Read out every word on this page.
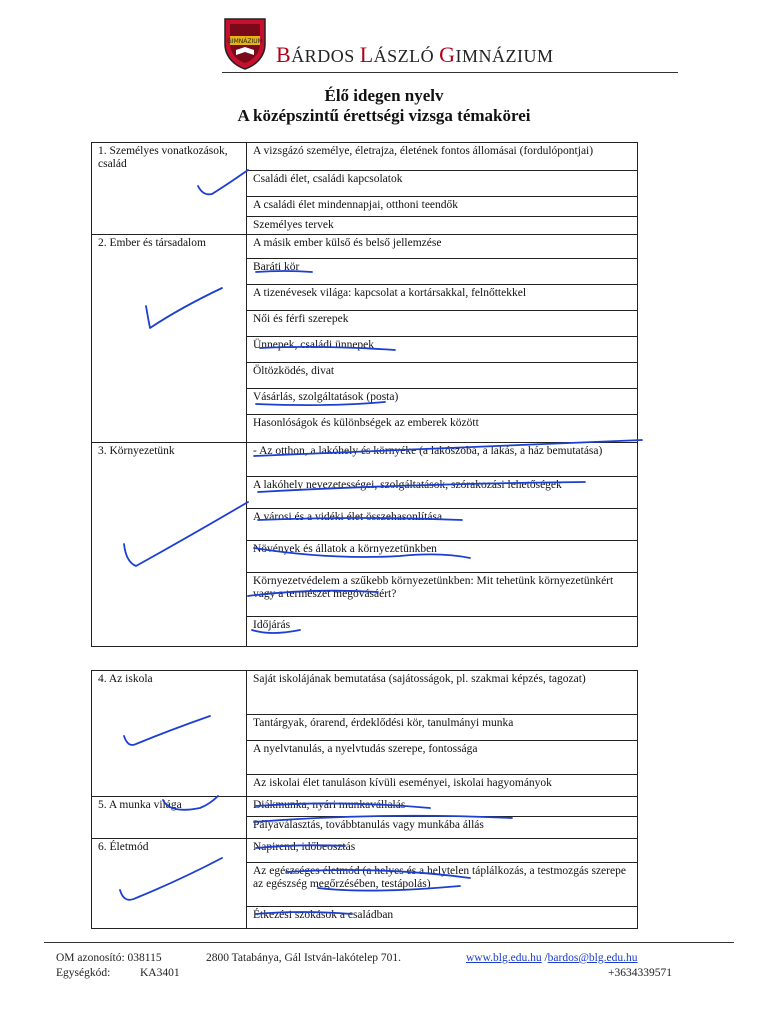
GIMNÁZIUM
BÁRDOS LÁSZLÓ GIMNÁZIUM
Élő idegen nyelv
A középszintű érettségi vizsga témakörei
1. Személyes vonatkozások, család	A vizsgázó személye, életrajza, életének fontos állomásai (fordulópontjai)
	Családi élet, családi kapcsolatok
	A családi élet mindennapjai, otthoni teendők
	Személyes tervek
2. Ember és társadalom	A másik ember külső és belső jellemzése
	Baráti kör
	A tizenévesek világa: kapcsolat a kortársakkal, felnőttekkel
	Női és férfi szerepek
	Ünnepek, családi ünnepek
	Öltözködés, divat
	Vásárlás, szolgáltatások (posta)
	Hasonlóságok és különbségek az emberek között
3. Környezetünk	- Az otthon, a lakóhely és környéke (a lakószoba, a lakás, a ház bemutatása)
	A lakóhely nevezetességei, szolgáltatások, szórakozási lehetőségek
	A városi és a vidéki élet összehasonlítása
	Növények és állatok a környezetünkben
	Környezetvédelem a szűkebb környezetünkben: Mit tehetünk környezetünkért vagy a természet megóvásáért?
	Időjárás
4. Az iskola	Saját iskolájának bemutatása (sajátosságok, pl. szakmai képzés, tagozat)
	Tantárgyak, órarend, érdeklődési kör, tanulmányi munka
	A nyelvtanulás, a nyelvtudás szerepe, fontossága
	Az iskolai élet tanuláson kívüli eseményei, iskolai hagyományok
5. A munka világa	Diákmunka, nyári munkavállalás
	Pályaválasztás, továbbtanulás vagy munkába állás
6. Életmód	Napirend, időbeosztás
	Az egészséges életmód (a helyes és a helytelen táplálkozás, a testmozgás szerepe az egészség megőrzésében, testápolás)
	Étkezési szokások a családban
OM azonosító: 038115
Egységkód:	KA3401
2800 Tatabánya, Gál István-lakótelep 701.	www.blg.edu.hu /bardos@blg.edu.hu
+3634339571
